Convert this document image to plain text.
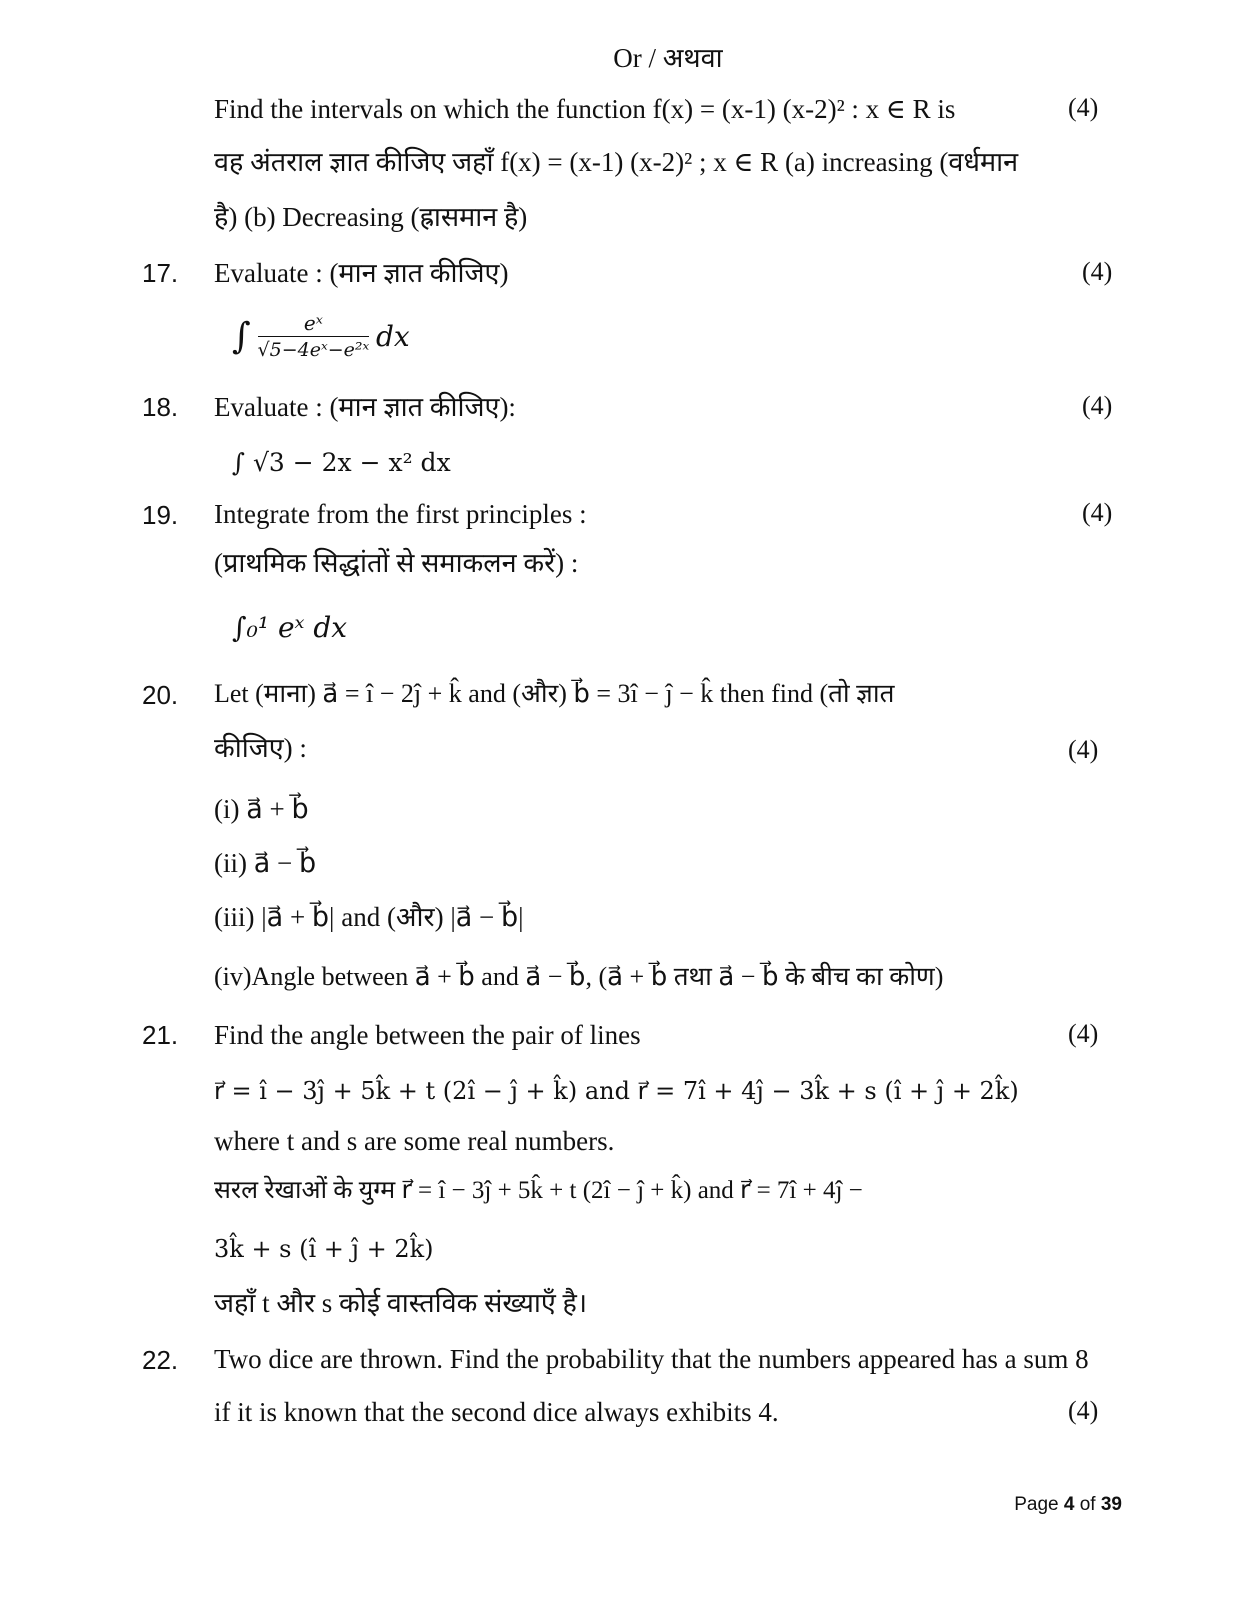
Or / अथवा
Find the intervals on which the function f(x) = (x-1) (x-2)² : x ∈ R is	(4)
वह अंतराल ज्ञात कीजिए जहाँ f(x) = (x-1) (x-2)² ; x ∈ R (a) increasing (वर्धमान
है) (b) Decreasing (ह्रासमान है)
17. Evaluate : (मान ज्ञात कीजिए)	(4)
∫ $\frac{\text{eˣ}}{\text{√5−4eˣ−e²ˣ}}$ dx
18. Evaluate : (मान ज्ञात कीजिए):	(4)
∫ √3 − 2x − x² dx
19. Integrate from the first principles :	(4)
(प्राथमिक सिद्धांतों से समाकलन करें) :
∫₀¹ eˣ dx
20. Let (माना) a⃗ = î − 2ĵ + k̂ and (और) b⃗ = 3î − ĵ − k̂ then find (तो ज्ञात
कीजिए) :	(4)
(i) a⃗ + b⃗
(ii) a⃗ − b⃗
(iii) |a⃗ + b⃗| and (और) |a⃗ − b⃗|
(iv)Angle between a⃗ + b⃗ and a⃗ − b⃗, (a⃗ + b⃗ तथा a⃗ − b⃗ के बीच का कोण)
21. Find the angle between the pair of lines	(4)
r⃗ = î − 3ĵ + 5k̂ + t (2î − ĵ + k̂) and r⃗ = 7î + 4ĵ − 3k̂ + s (î + ĵ + 2k̂)
where t and s are some real numbers.
सरल रेखाओं के युग्म r⃗ = î − 3ĵ + 5k̂ + t (2î − ĵ + k̂) and r⃗ = 7î + 4ĵ −
3k̂ + s (î + ĵ + 2k̂)
जहाँ t और s कोई वास्तविक संख्याएँ है।
22. Two dice are thrown. Find the probability that the numbers appeared has a sum 8
if it is known that the second dice always exhibits 4.	(4)
Page 4 of 39
